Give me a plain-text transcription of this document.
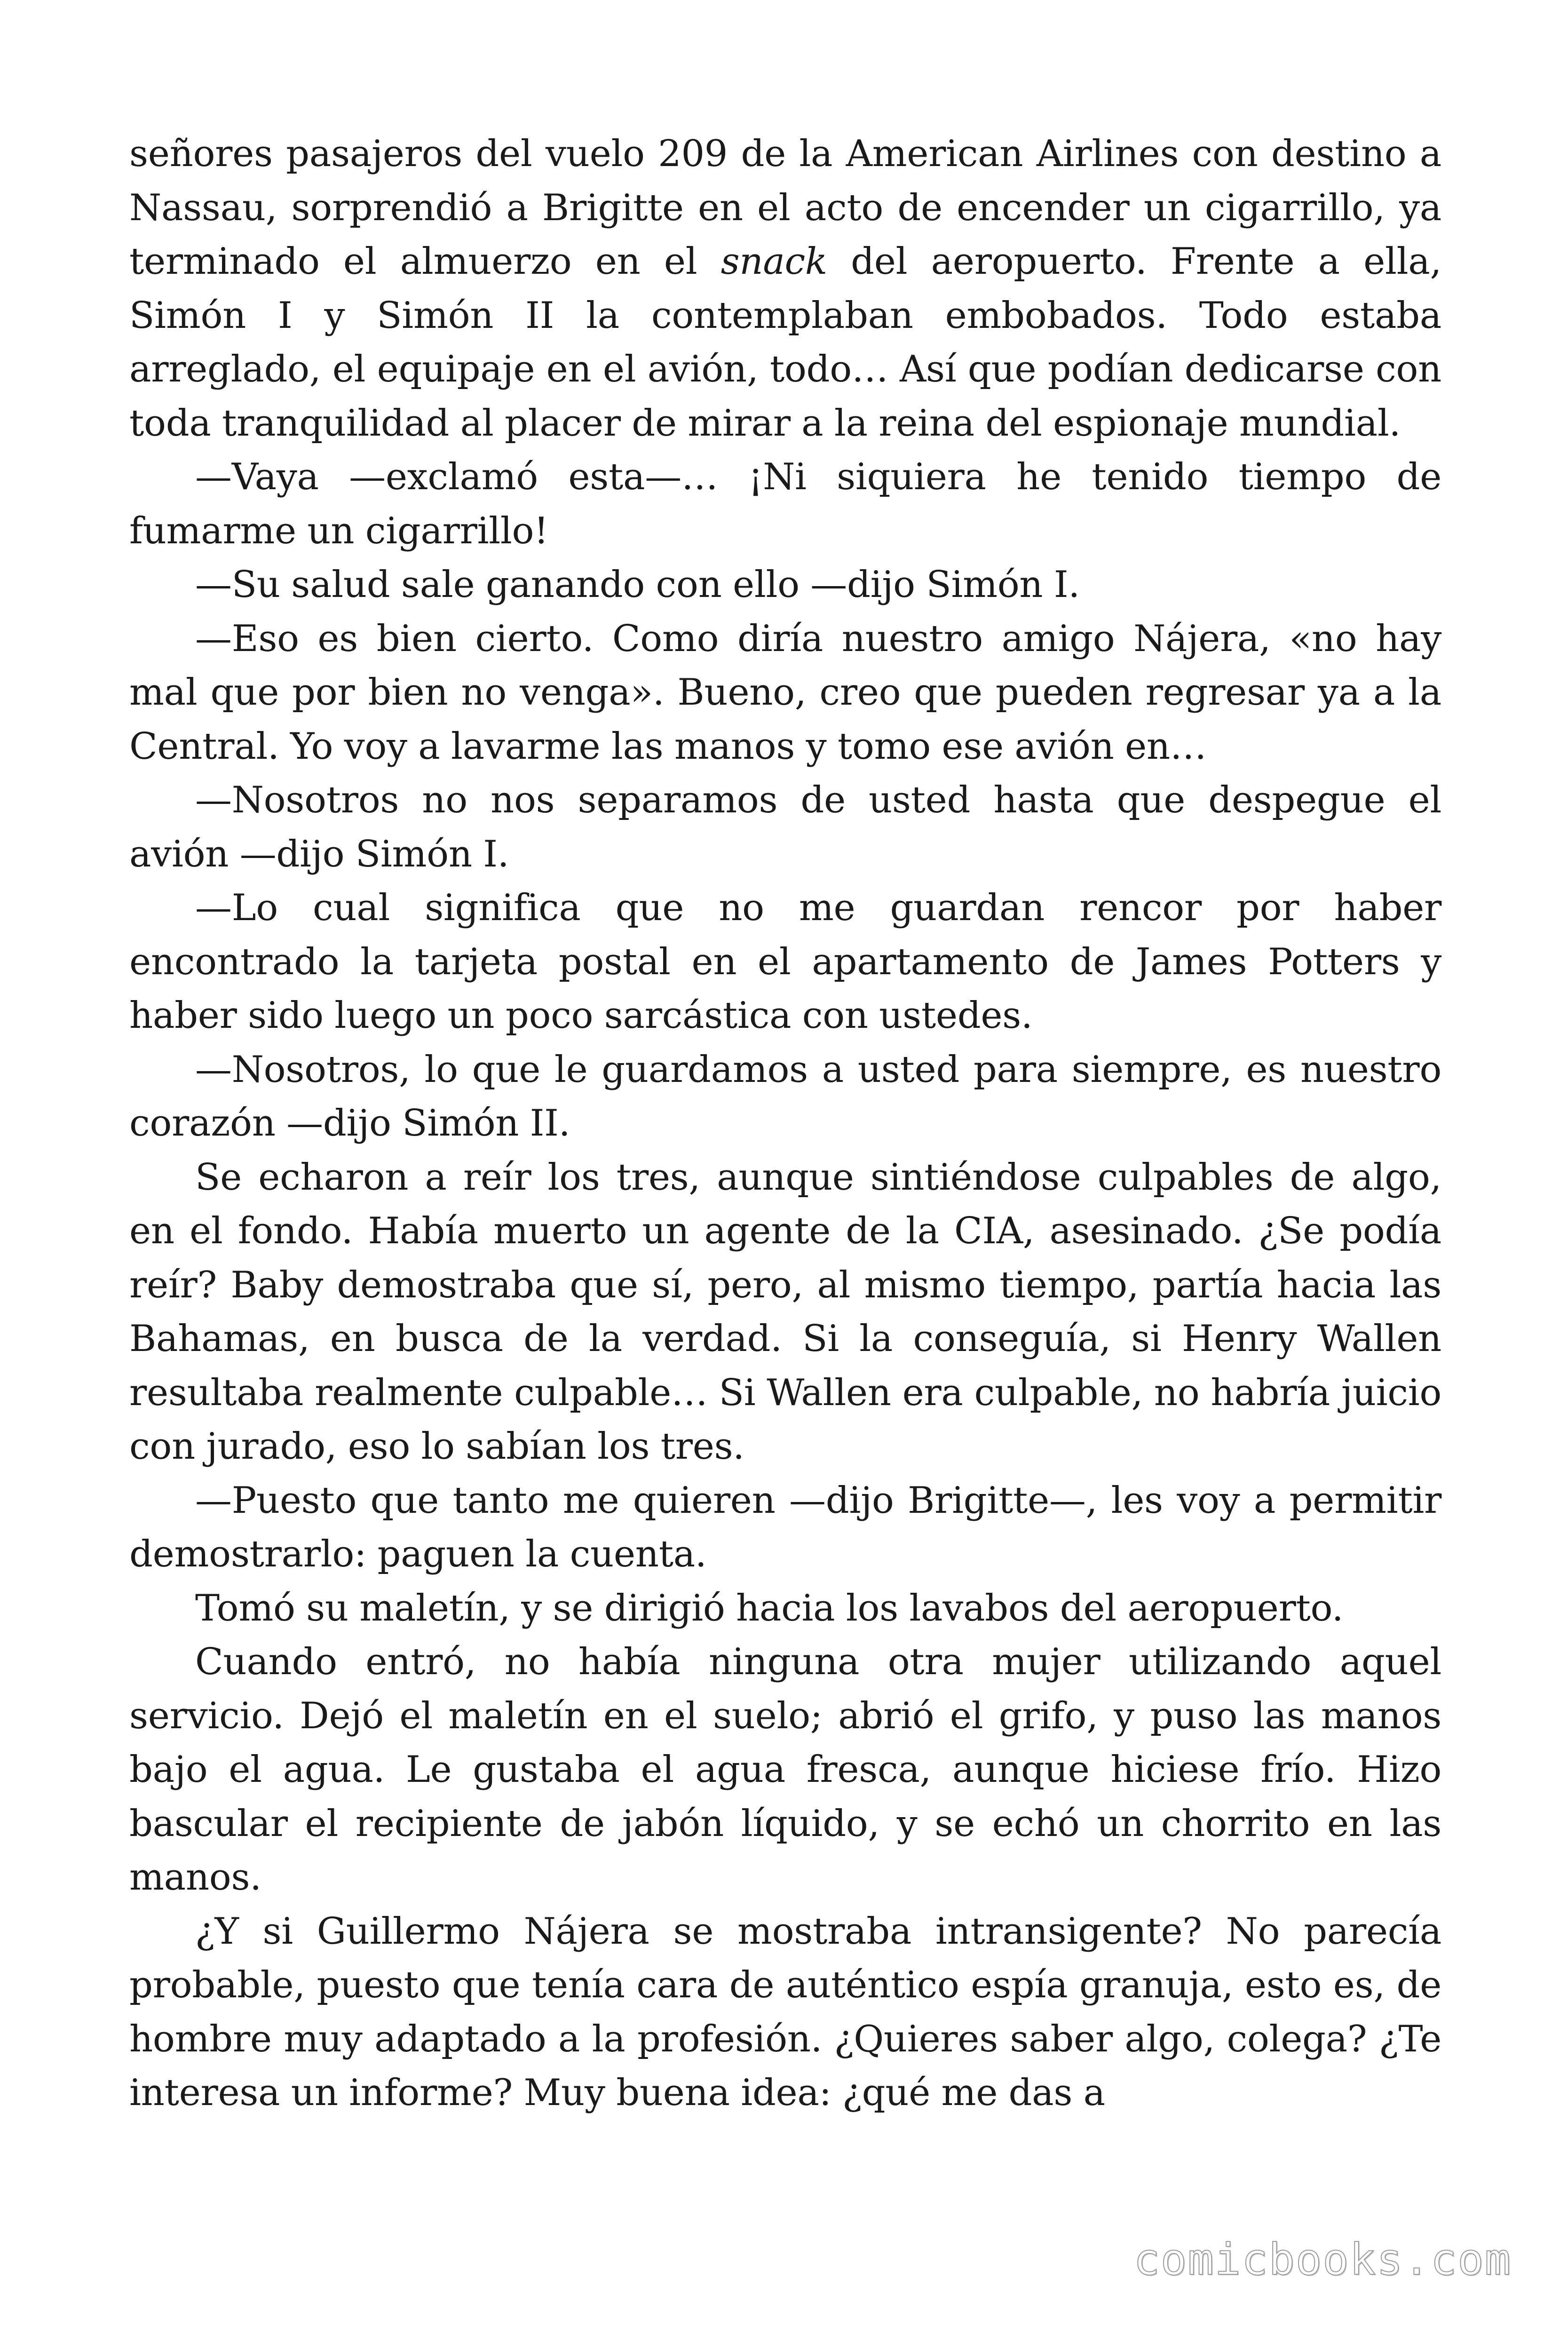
señores pasajeros del vuelo 209 de la American Airlines con destino a Nassau, sorprendió a Brigitte en el acto de encender un cigarrillo, ya terminado el almuerzo en el snack del aeropuerto. Frente a ella, Simón I y Simón II la contemplaban embobados. Todo estaba arreglado, el equipaje en el avión, todo… Así que podían dedicarse con toda tranquilidad al placer de mirar a la reina del espionaje mundial.

—Vaya —exclamó esta—… ¡Ni siquiera he tenido tiempo de fumarme un cigarrillo!

—Su salud sale ganando con ello —dijo Simón I.

—Eso es bien cierto. Como diría nuestro amigo Nájera, «no hay mal que por bien no venga». Bueno, creo que pueden regresar ya a la Central. Yo voy a lavarme las manos y tomo ese avión en…

—Nosotros no nos separamos de usted hasta que despegue el avión —dijo Simón I.

—Lo cual significa que no me guardan rencor por haber encontrado la tarjeta postal en el apartamento de James Potters y haber sido luego un poco sarcástica con ustedes.

—Nosotros, lo que le guardamos a usted para siempre, es nuestro corazón —dijo Simón II.

Se echaron a reír los tres, aunque sintiéndose culpables de algo, en el fondo. Había muerto un agente de la CIA, asesinado. ¿Se podía reír? Baby demostraba que sí, pero, al mismo tiempo, partía hacia las Bahamas, en busca de la verdad. Si la conseguía, si Henry Wallen resultaba realmente culpable… Si Wallen era culpable, no habría juicio con jurado, eso lo sabían los tres.

—Puesto que tanto me quieren —dijo Brigitte—, les voy a permitir demostrarlo: paguen la cuenta.

Tomó su maletín, y se dirigió hacia los lavabos del aeropuerto.

Cuando entró, no había ninguna otra mujer utilizando aquel servicio. Dejó el maletín en el suelo; abrió el grifo, y puso las manos bajo el agua. Le gustaba el agua fresca, aunque hiciese frío. Hizo bascular el recipiente de jabón líquido, y se echó un chorrito en las manos.

¿Y si Guillermo Nájera se mostraba intransigente? No parecía probable, puesto que tenía cara de auténtico espía granuja, esto es, de hombre muy adaptado a la profesión. ¿Quieres saber algo, colega? ¿Te interesa un informe? Muy buena idea: ¿qué me das a

comicbooks.com
